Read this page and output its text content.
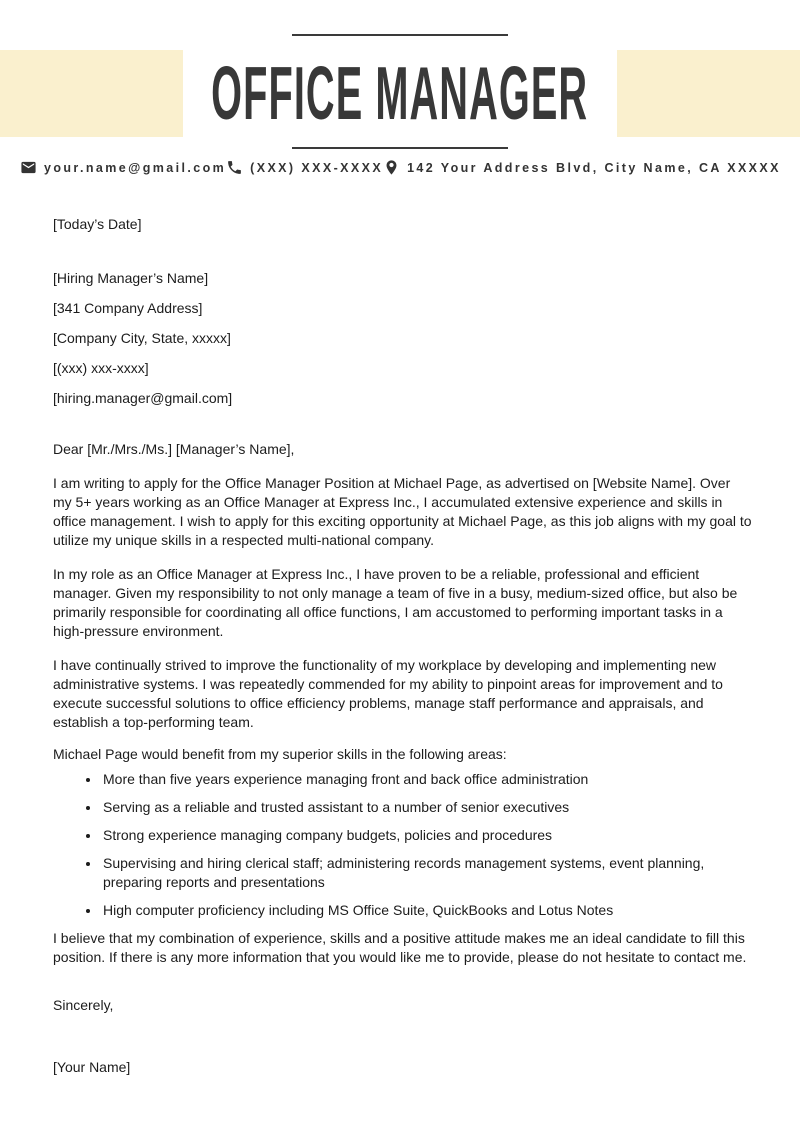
OFFICE MANAGER
your.name@gmail.com (XXX) XXX-XXXX 142 Your Address Blvd, City Name, CA XXXXX
[Today’s Date]
[Hiring Manager’s Name]
[341 Company Address]
[Company City, State, xxxxx]
[(xxx) xxx-xxxx]
[hiring.manager@gmail.com]
Dear [Mr./Mrs./Ms.] [Manager’s Name],
I am writing to apply for the Office Manager Position at Michael Page, as advertised on [Website Name]. Over my 5+ years working as an Office Manager at Express Inc., I accumulated extensive experience and skills in office management. I wish to apply for this exciting opportunity at Michael Page, as this job aligns with my goal to utilize my unique skills in a respected multi-national company.
In my role as an Office Manager at Express Inc., I have proven to be a reliable, professional and efficient manager. Given my responsibility to not only manage a team of five in a busy, medium-sized office, but also be primarily responsible for coordinating all office functions, I am accustomed to performing important tasks in a high-pressure environment.
I have continually strived to improve the functionality of my workplace by developing and implementing new administrative systems. I was repeatedly commended for my ability to pinpoint areas for improvement and to execute successful solutions to office efficiency problems, manage staff performance and appraisals, and establish a top-performing team.
Michael Page would benefit from my superior skills in the following areas:
• More than five years experience managing front and back office administration
• Serving as a reliable and trusted assistant to a number of senior executives
• Strong experience managing company budgets, policies and procedures
• Supervising and hiring clerical staff; administering records management systems, event planning, preparing reports and presentations
• High computer proficiency including MS Office Suite, QuickBooks and Lotus Notes
I believe that my combination of experience, skills and a positive attitude makes me an ideal candidate to fill this position. If there is any more information that you would like me to provide, please do not hesitate to contact me.
Sincerely,
[Your Name]
